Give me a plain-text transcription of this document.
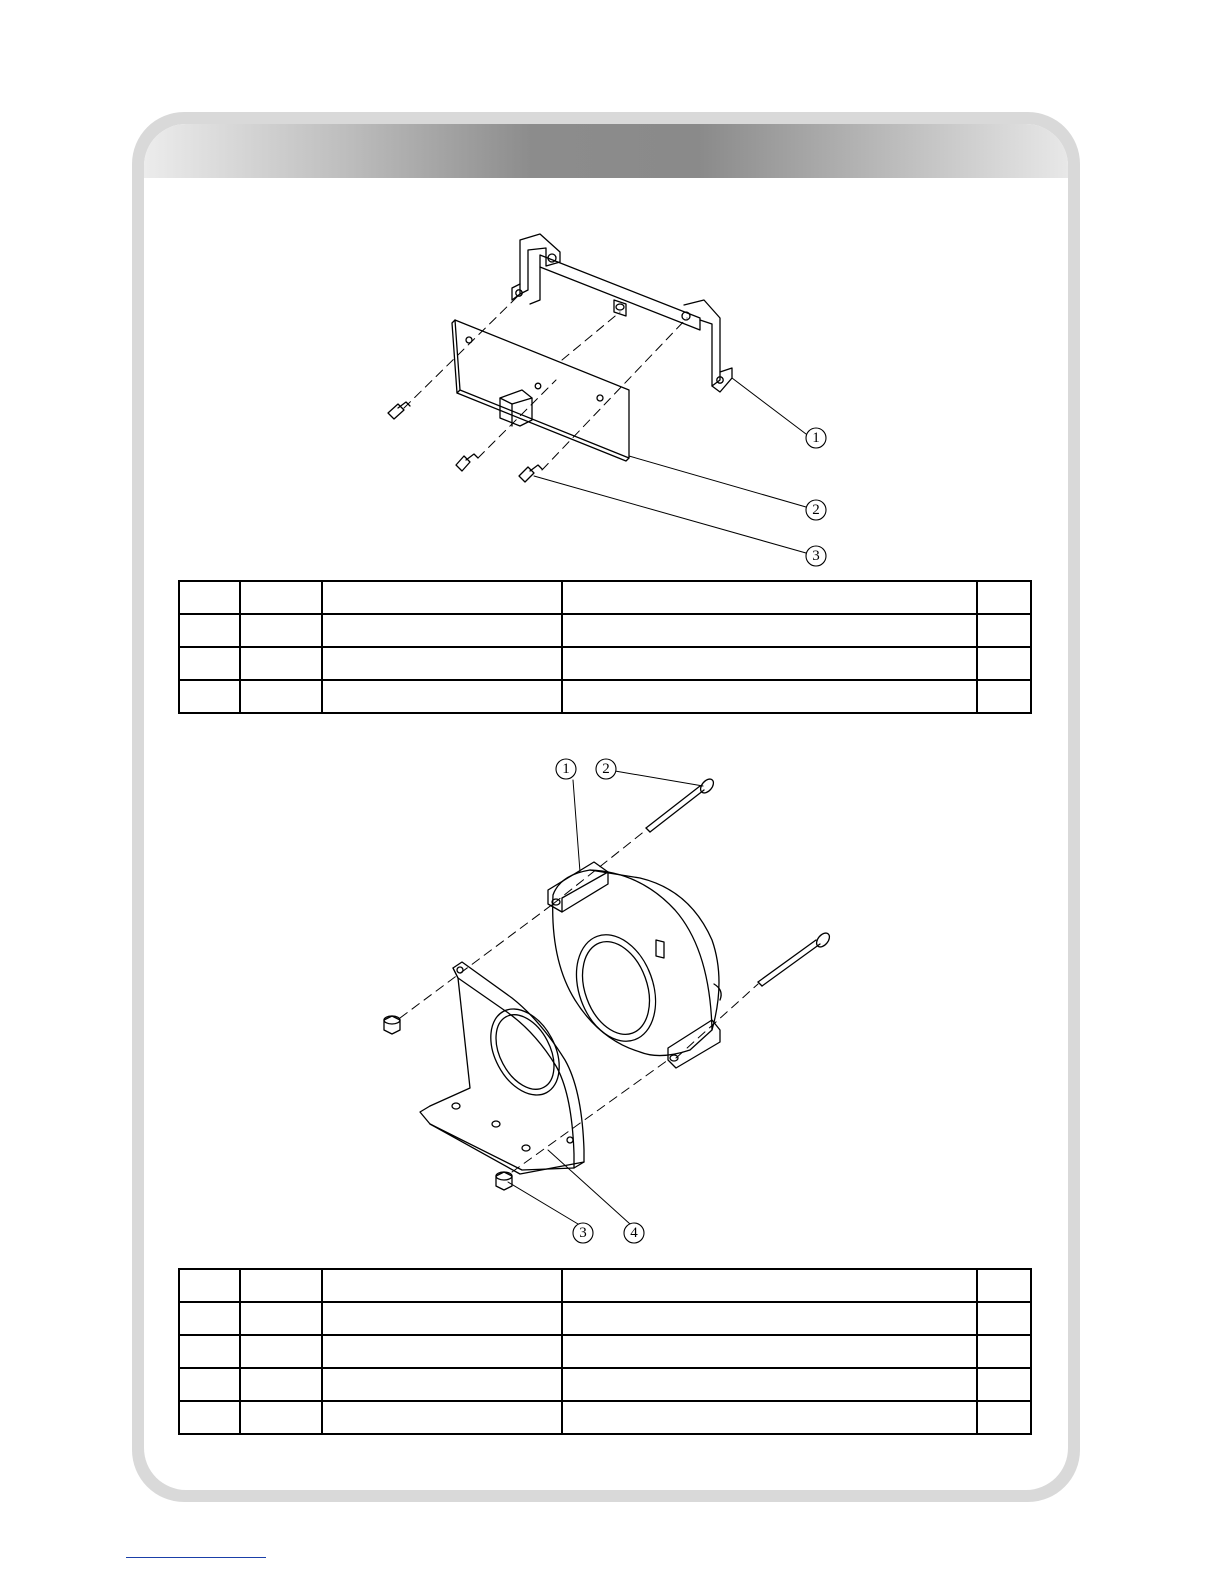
1
2
3
1 2
3	4
